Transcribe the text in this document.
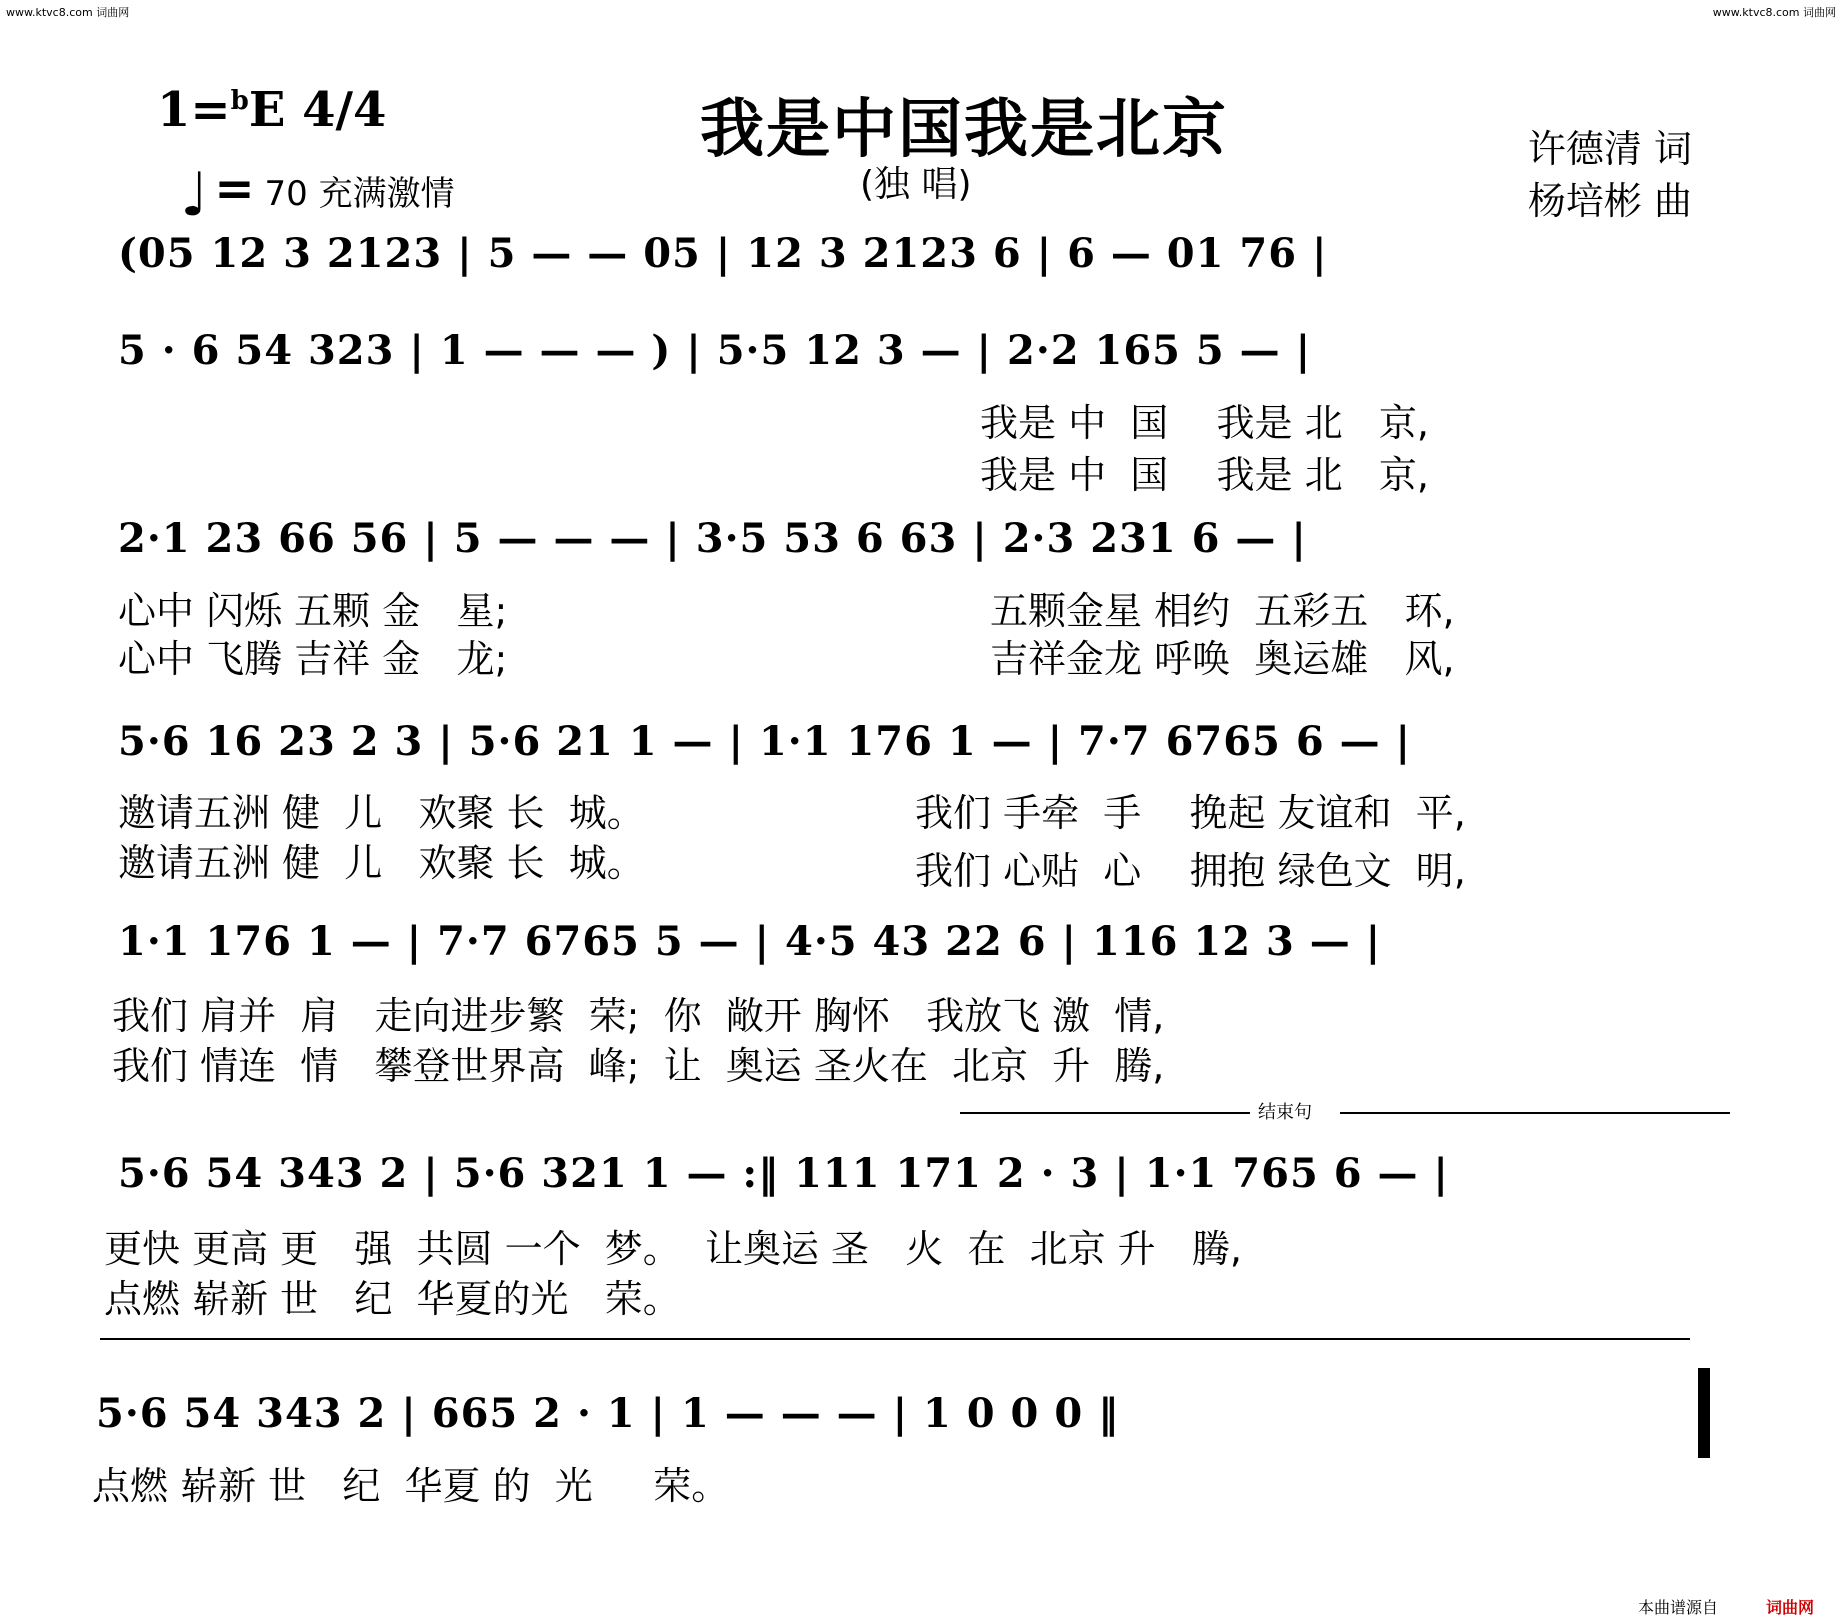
www.ktvc8.com 词曲网	www.ktvc8.com 词曲网
1=$^b$E 4/4
♩ = 70 充满激情
我是中国我是北京
(独 唱)
许德清 词
杨培彬 曲
(05 12 3 2123 | 5 — — 05 | 12 3 2123 6 | 6 — 01 76 |
5 · 6 54 323 | 1 — — — ) | 5·5 12 3 — | 2·2 165 5 — |
我是 中  国    我是 北   京,
我是 中  国    我是 北   京,
2·1 23 66 56 | 5 — — — | 3·5 53 6 63 | 2·3 231 6 — |
心中 闪烁 五颗 金   星;	五颗金星 相约  五彩五   环,
心中 飞腾 吉祥 金   龙;	吉祥金龙 呼唤  奥运雄   风,
5·6 16 23 2 3 | 5·6 21 1 — | 1·1 176 1 — | 7·7 6765 6 — |
邀请五洲 健  儿   欢聚 长  城。	我们 手牵  手    挽起 友谊和  平,
邀请五洲 健  儿   欢聚 长  城。	我们 心贴  心    拥抱 绿色文  明,
1·1 176 1 — | 7·7 6765 5 — | 4·5 43 22 6 | 116 12 3 — |
我们 肩并  肩   走向进步繁  荣;  你  敞开 胸怀   我放飞 激  情,
我们 情连  情   攀登世界高  峰;  让  奥运 圣火在  北京  升  腾,
结束句
5·6 54 343 2 | 5·6 321 1 — :‖ 111 171 2 · 3 | 1·1 765 6 — |
更快 更高 更   强  共圆 一个  梦。  让奥运 圣   火  在  北京 升   腾,
点燃 崭新 世   纪  华夏的光   荣。
5·6 54 343 2 | 665 2 · 1 | 1 — — — | 1 0 0 0 ‖
点燃 崭新 世   纪  华夏 的  光     荣。
本曲谱源自	词曲网
